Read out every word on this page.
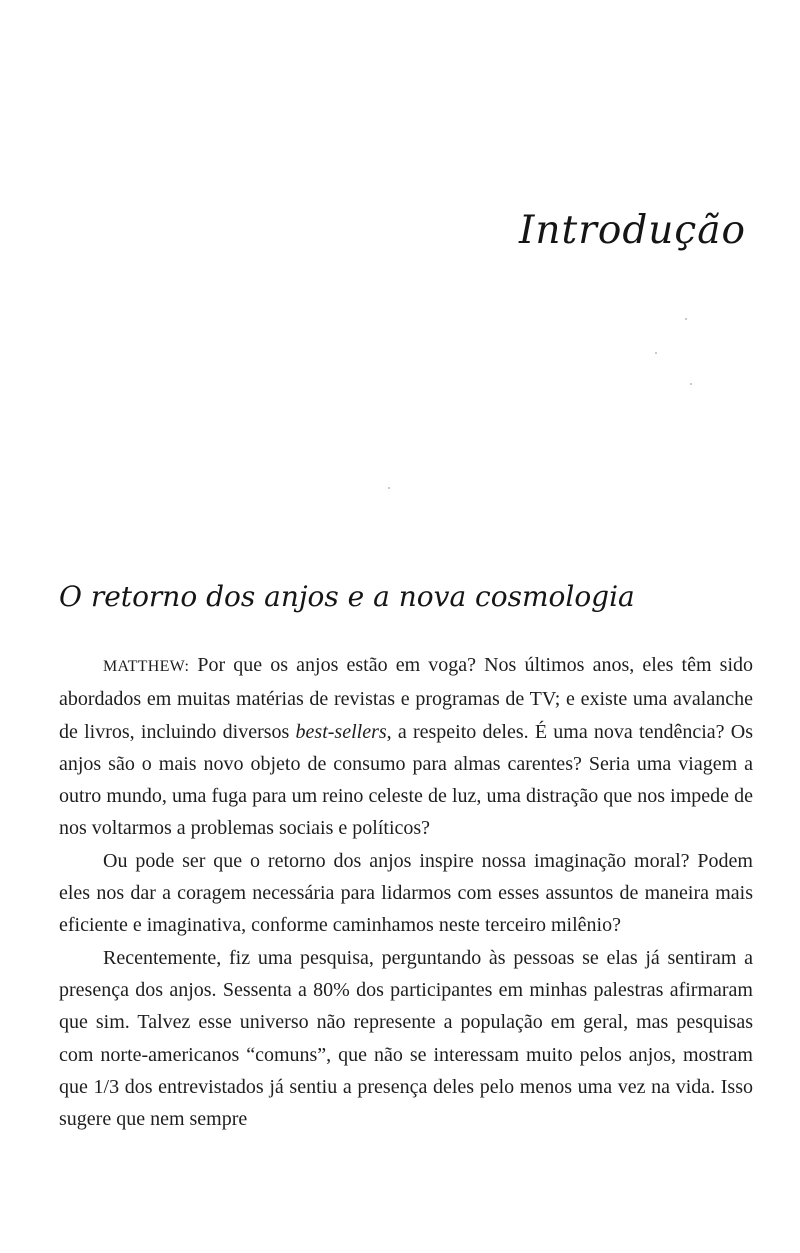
Introdução
O retorno dos anjos e a nova cosmologia

MATTHEW: Por que os anjos estão em voga? Nos últimos anos, eles têm sido abordados em muitas matérias de revistas e programas de TV; e existe uma avalanche de livros, incluindo diversos best-sellers, a respeito deles. É uma nova tendência? Os anjos são o mais novo objeto de consumo para almas carentes? Seria uma viagem a outro mundo, uma fuga para um reino celeste de luz, uma distração que nos impede de nos voltarmos a problemas sociais e políticos?

Ou pode ser que o retorno dos anjos inspire nossa imaginação moral? Podem eles nos dar a coragem necessária para lidarmos com esses assuntos de maneira mais eficiente e imaginativa, conforme caminhamos neste terceiro milênio?

Recentemente, fiz uma pesquisa, perguntando às pessoas se elas já sentiram a presença dos anjos. Sessenta a 80% dos participantes em minhas palestras afirmaram que sim. Talvez esse universo não represente a população em geral, mas pesquisas com norte-americanos “comuns”, que não se interessam muito pelos anjos, mostram que 1/3 dos entrevistados já sentiu a presença deles pelo menos uma vez na vida. Isso sugere que nem sempre
